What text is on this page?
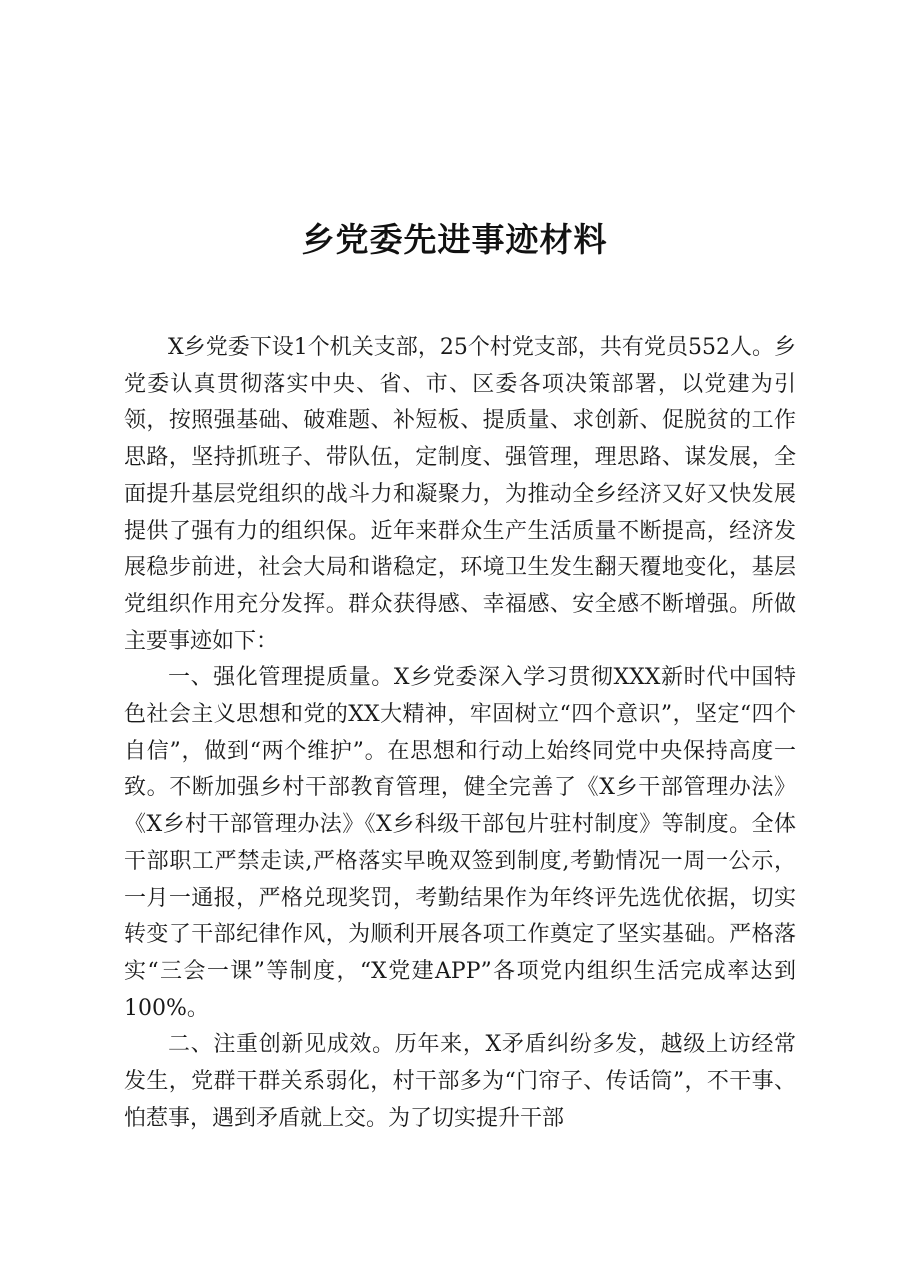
乡党委先进事迹材料

X乡党委下设1个机关支部，25个村党支部，共有党员552人。乡党委认真贯彻落实中央、省、市、区委各项决策部署，以党建为引领，按照强基础、破难题、补短板、提质量、求创新、促脱贫的工作思路，坚持抓班子、带队伍，定制度、强管理，理思路、谋发展，全面提升基层党组织的战斗力和凝聚力，为推动全乡经济又好又快发展提供了强有力的组织保。近年来群众生产生活质量不断提高，经济发展稳步前进，社会大局和谐稳定，环境卫生发生翻天覆地变化，基层党组织作用充分发挥。群众获得感、幸福感、安全感不断增强。所做主要事迹如下：

一、强化管理提质量。X乡党委深入学习贯彻XXX新时代中国特色社会主义思想和党的XX大精神，牢固树立“四个意识”，坚定“四个自信”，做到“两个维护”。在思想和行动上始终同党中央保持高度一致。不断加强乡村干部教育管理，健全完善了《X乡干部管理办法》《X乡村干部管理办法》《X乡科级干部包片驻村制度》等制度。全体干部职工严禁走读,严格落实早晚双签到制度,考勤情况一周一公示，一月一通报，严格兑现奖罚，考勤结果作为年终评先选优依据，切实转变了干部纪律作风，为顺利开展各项工作奠定了坚实基础。严格落实“三会一课”等制度，“X党建APP”各项党内组织生活完成率达到100%。

二、注重创新见成效。历年来，X矛盾纠纷多发，越级上访经常发生，党群干群关系弱化，村干部多为“门帘子、传话筒”，不干事、怕惹事，遇到矛盾就上交。为了切实提升干部
